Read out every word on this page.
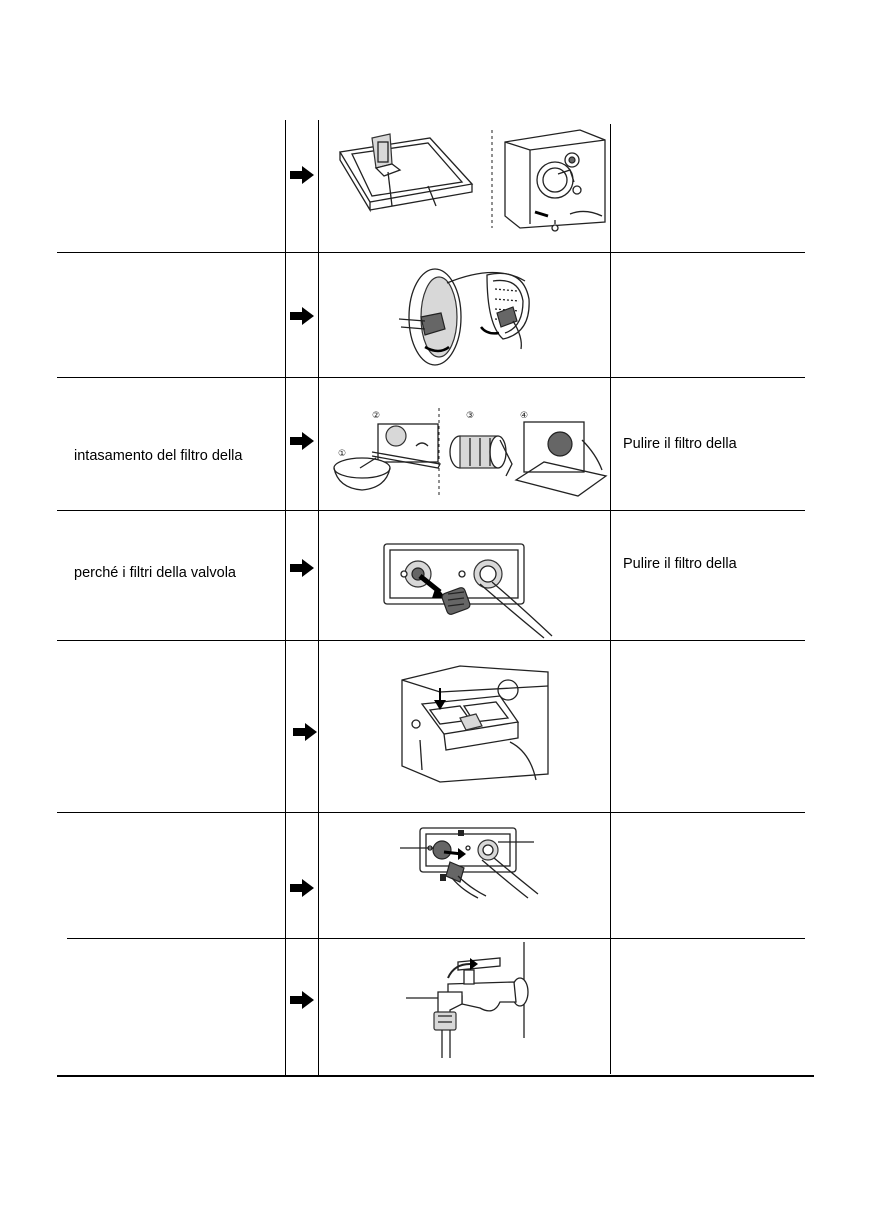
intasamento del filtro della
Pulire il filtro della
perché i filtri della valvola
Pulire il filtro della
②	③	④
①
